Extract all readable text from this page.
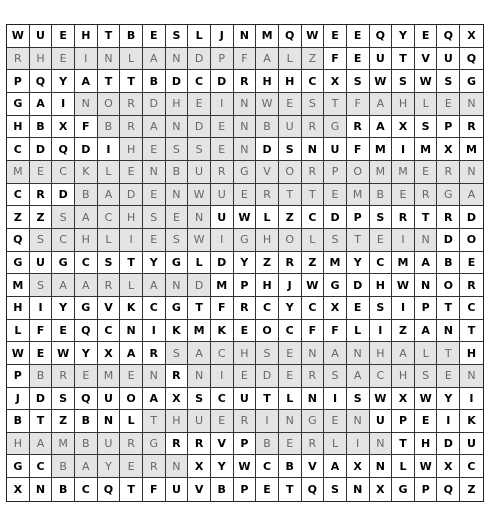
W	U	E	H	T	B	E	S	L	J	N	M	Q	W	E	E	Q	Y	E	Q	X
R	H	E	I	N	L	A	N	D	P	F	A	L	Z	F	E	U	T	V	U	Q
P	Q	Y	A	T	T	B	D	C	D	R	H	H	C	X	S	W	S	W	S	G
G	A	I	N	O	R	D	H	E	I	N	W	E	S	T	F	A	H	L	E	N
H	B	X	F	B	R	A	N	D	E	N	B	U	R	G	R	A	X	S	P	R
C	D	Q	D	I	H	E	S	S	E	N	D	S	N	U	F	M	I	M	X	M
M	E	C	K	L	E	N	B	U	R	G	V	O	R	P	O	M	M	E	R	N
C	R	D	B	A	D	E	N	W	U	E	R	T	T	E	M	B	E	R	G	A
Z	Z	S	A	C	H	S	E	N	U	W	L	Z	C	D	P	S	R	T	R	D
Q	S	C	H	L	I	E	S	W	I	G	H	O	L	S	T	E	I	N	D	O
G	U	G	C	S	T	Y	G	L	D	Y	Z	R	Z	M	Y	C	M	A	B	E
M	S	A	A	R	L	A	N	D	M	P	H	J	W	G	D	H	W	N	O	R
H	I	Y	G	V	K	C	G	T	F	R	C	Y	C	X	E	S	I	P	T	C
L	F	E	Q	C	N	I	K	M	K	E	O	C	F	F	L	I	Z	A	N	T
W	E	W	Y	X	A	R	S	A	C	H	S	E	N	A	N	H	A	L	T	H
P	B	R	E	M	E	N	R	N	I	E	D	E	R	S	A	C	H	S	E	N
J	D	S	Q	U	O	A	X	S	C	U	T	L	N	I	S	W	X	W	Y	I
B	T	Z	B	N	L	T	H	U	E	R	I	N	G	E	N	U	P	E	I	K
H	A	M	B	U	R	G	R	R	V	P	B	E	R	L	I	N	T	H	D	U
G	C	B	A	Y	E	R	N	X	Y	W	C	B	V	A	X	N	L	W	X	C
X	N	B	C	Q	T	F	U	V	B	P	E	T	Q	S	N	X	G	P	Q	Z
